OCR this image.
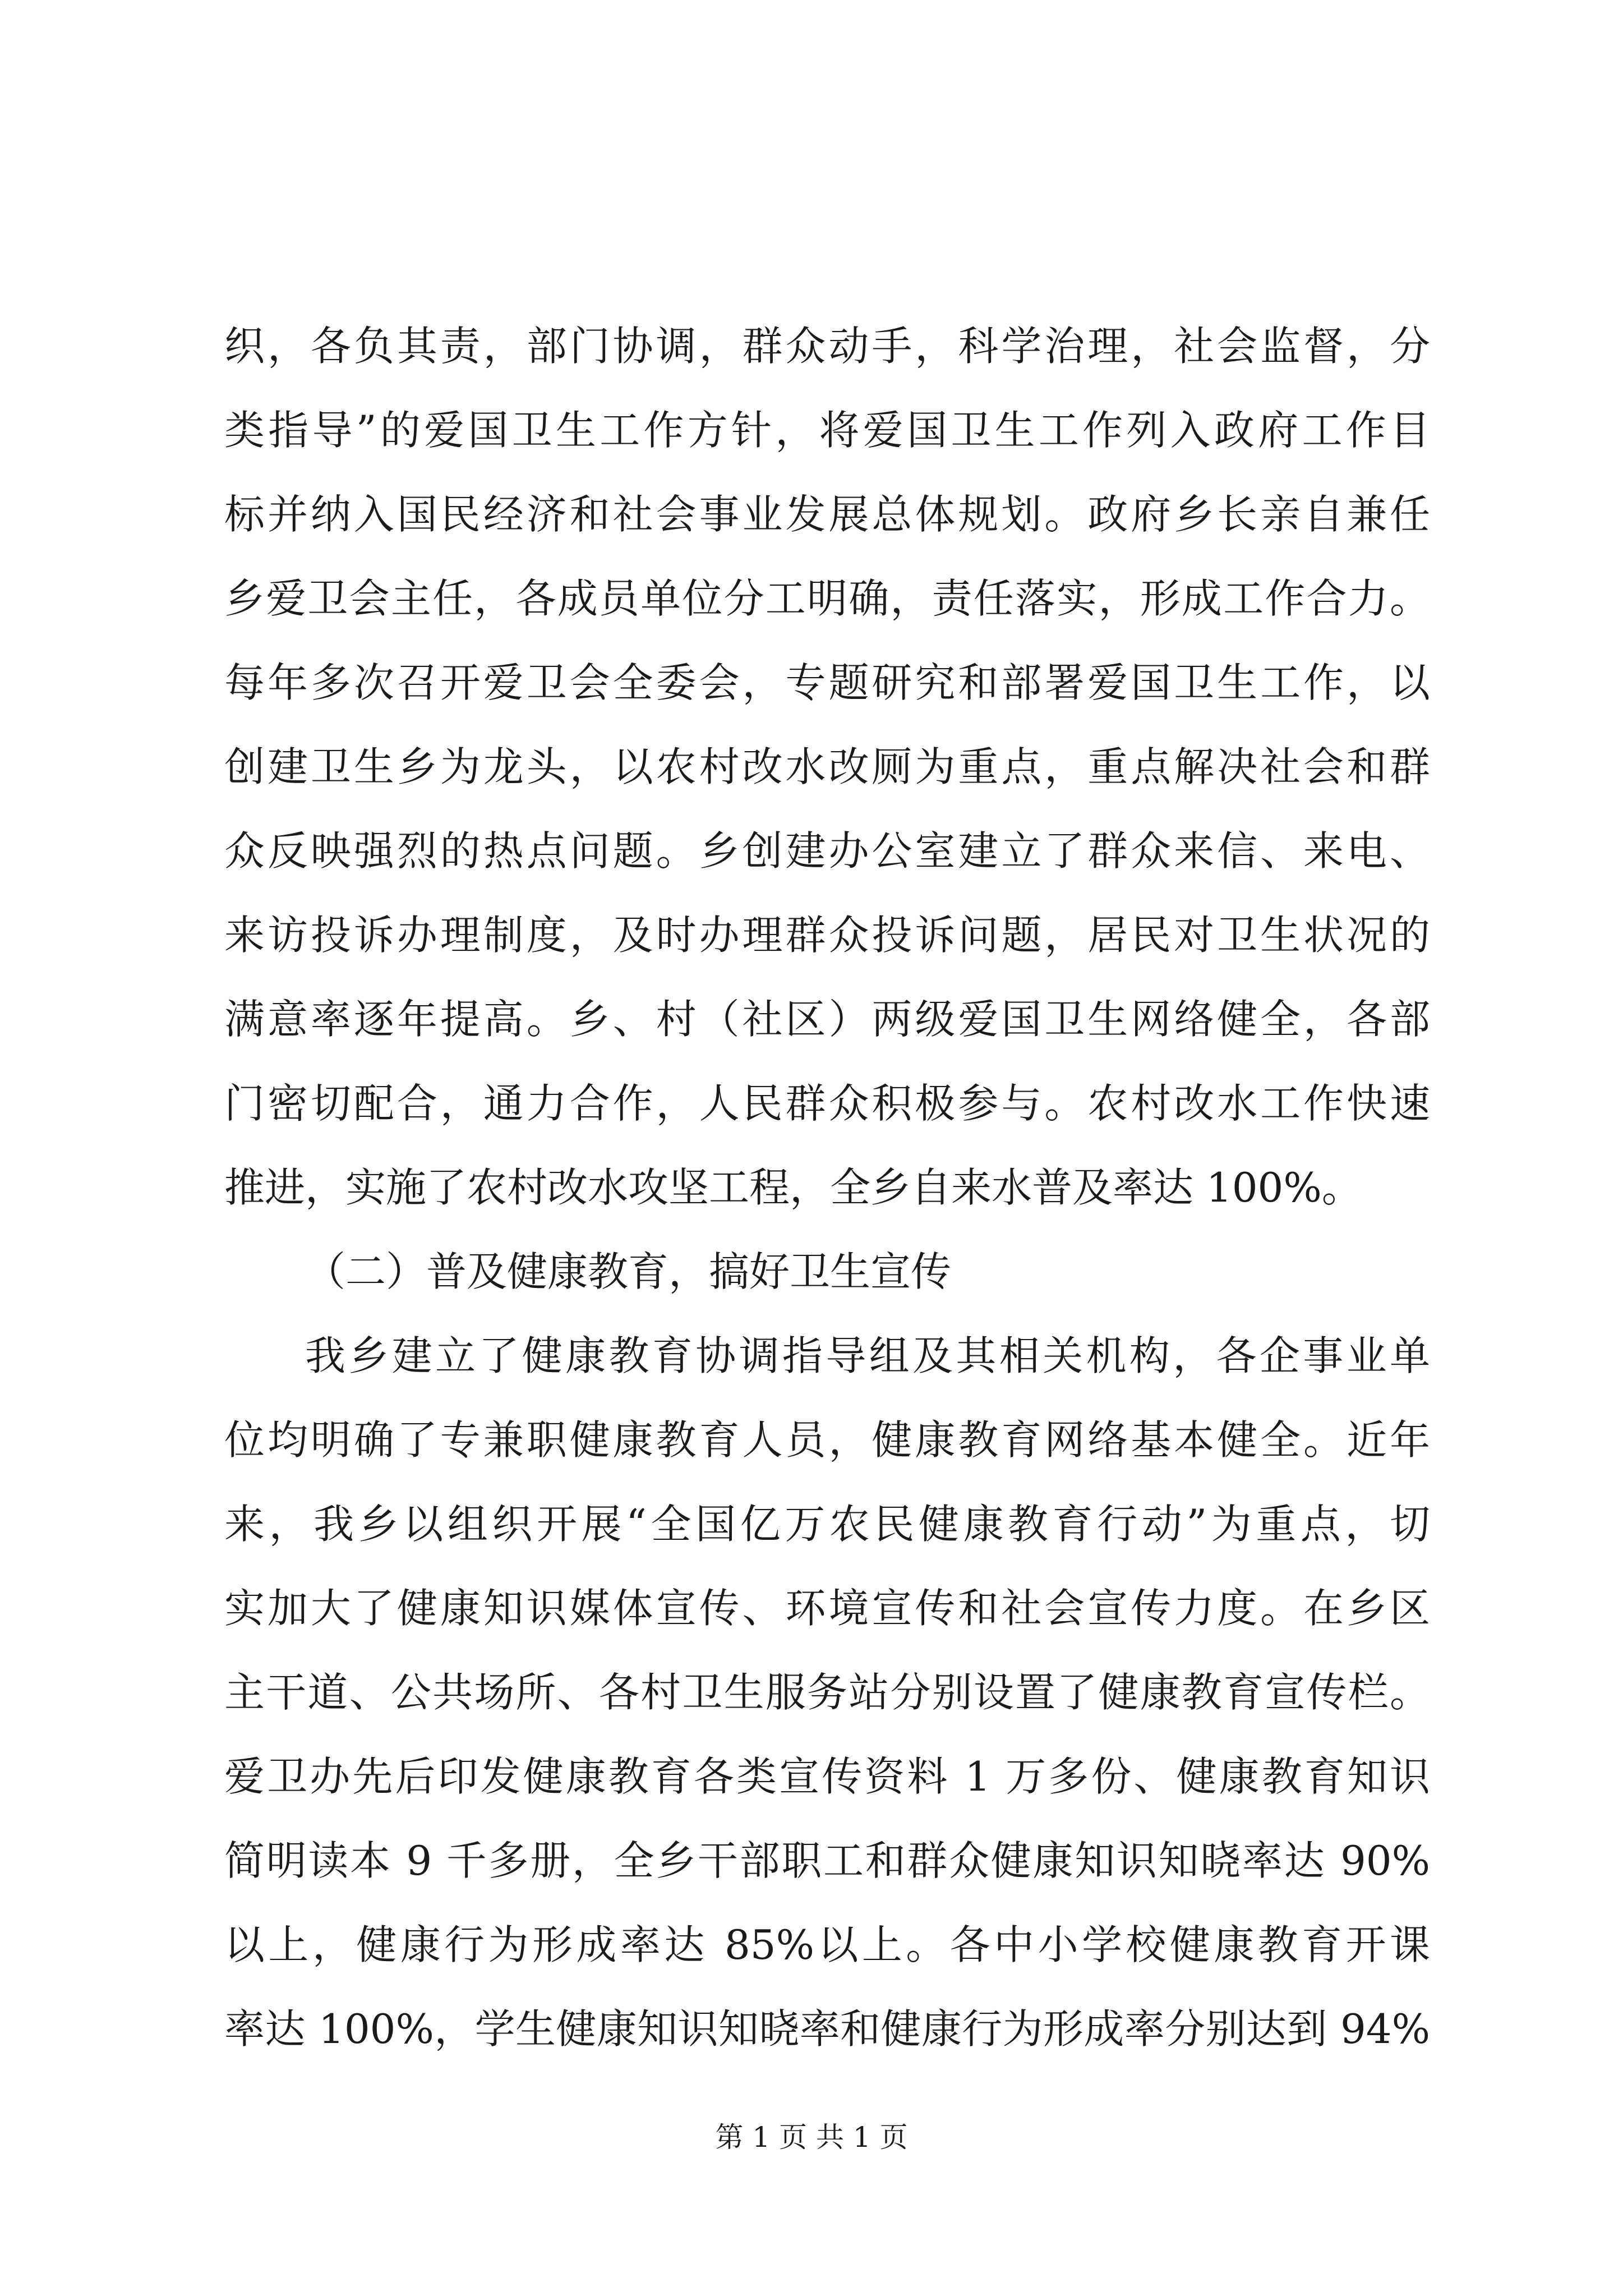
织，各负其责，部门协调，群众动手，科学治理，社会监督，分
类指导”的爱国卫生工作方针，将爱国卫生工作列入政府工作目
标并纳入国民经济和社会事业发展总体规划。政府乡长亲自兼任
乡爱卫会主任，各成员单位分工明确，责任落实，形成工作合力。
每年多次召开爱卫会全委会，专题研究和部署爱国卫生工作，以
创建卫生乡为龙头，以农村改水改厕为重点，重点解决社会和群
众反映强烈的热点问题。乡创建办公室建立了群众来信、来电、
来访投诉办理制度，及时办理群众投诉问题，居民对卫生状况的
满意率逐年提高。乡、村（社区）两级爱国卫生网络健全，各部
门密切配合，通力合作，人民群众积极参与。农村改水工作快速
推进，实施了农村改水攻坚工程，全乡自来水普及率达 100%。
（二）普及健康教育，搞好卫生宣传
我乡建立了健康教育协调指导组及其相关机构，各企事业单
位均明确了专兼职健康教育人员，健康教育网络基本健全。近年
来，我乡以组织开展“全国亿万农民健康教育行动”为重点，切
实加大了健康知识媒体宣传、环境宣传和社会宣传力度。在乡区
主干道、公共场所、各村卫生服务站分别设置了健康教育宣传栏。
爱卫办先后印发健康教育各类宣传资料 1 万多份、健康教育知识
简明读本 9 千多册，全乡干部职工和群众健康知识知晓率达 90%
以上，健康行为形成率达 85%以上。各中小学校健康教育开课
率达 100%，学生健康知识知晓率和健康行为形成率分别达到 94%
第 1 页 共 1 页
